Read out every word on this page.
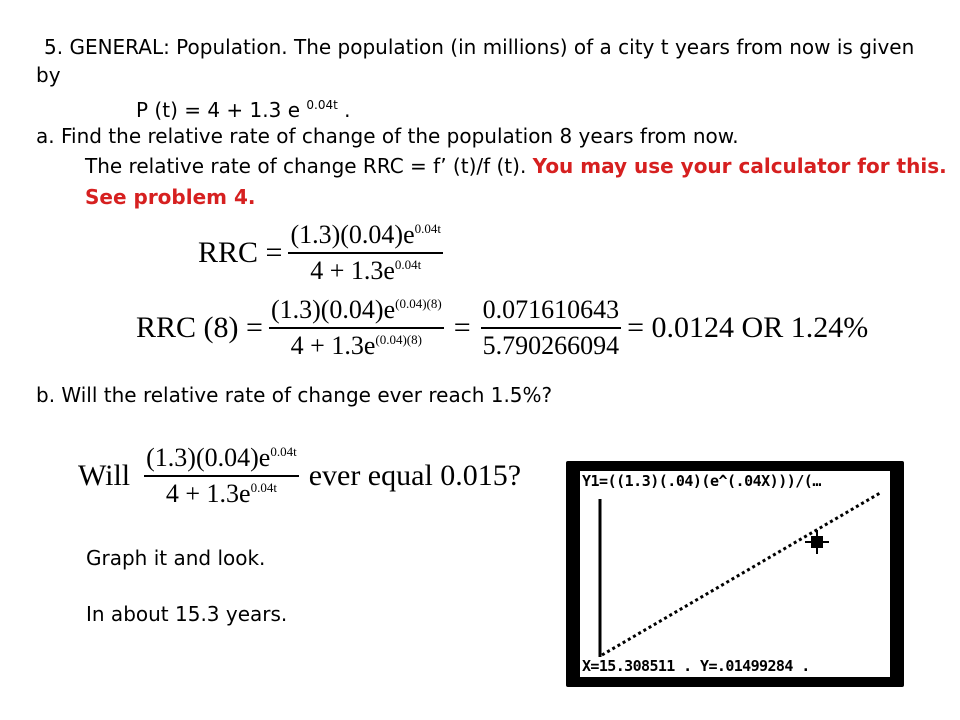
5. GENERAL: Population. The population (in millions) of a city t years from now is given
by
P (t) = 4 + 1.3 e $^{0.04t}$ .
a. Find the relative rate of change of the population 8 years from now.
The relative rate of change RRC = f’ (t)/f (t). You may use your calculator for this.
See problem 4.
RRC = $\frac{(1.3)(0.04)e^{0.04t}}{4 + 1.3e^{0.04t}}$
RRC $(8) = \frac{(1.3)(0.04)e^{(0.04)(8)}}{4 + 1.3e^{(0.04)(8)}} = \frac{0.071610643}{5.790266094} = 0.0124$ OR 1.24%
b. Will the relative rate of change ever reach 1.5%?
Will $\frac{(1.3)(0.04)e^{0.04t}}{4 + 1.3e^{0.04t}}$ ever equal 0.015?
Graph it and look.
In about 15.3 years.
Y1=((1.3)(.04)(e^(.04X)))/(…
X=15.308511 . Y=.01499284 .
